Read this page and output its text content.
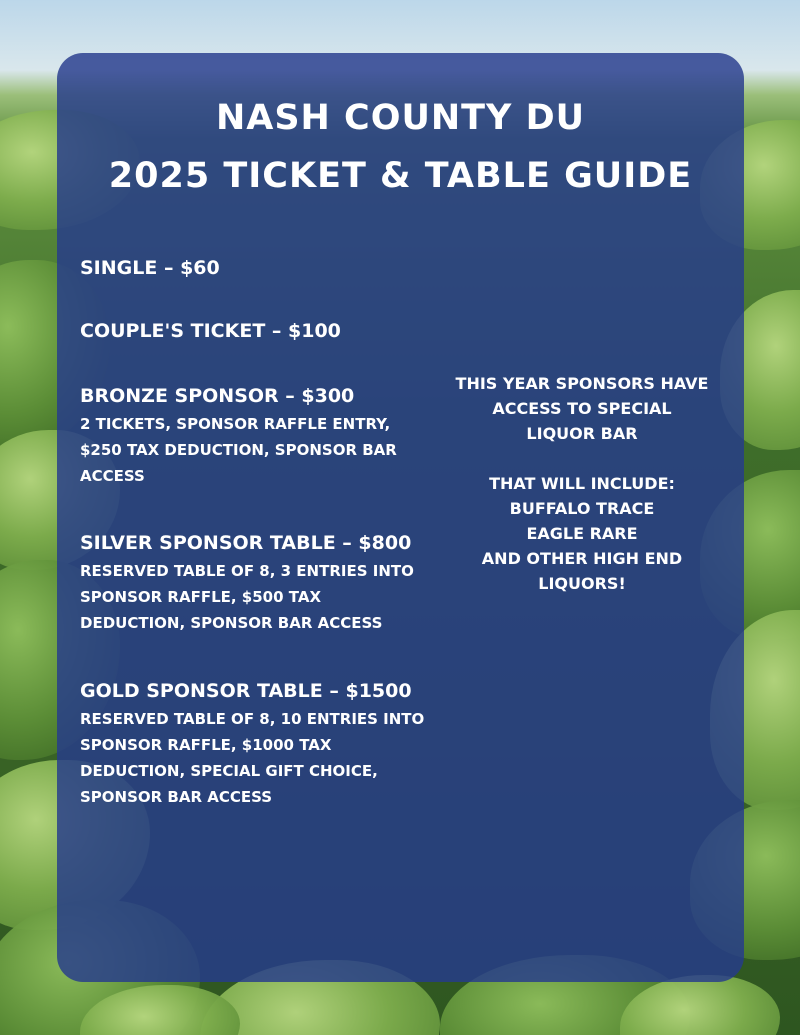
NASH COUNTY DU
2025 TICKET & TABLE GUIDE
SINGLE – $60
COUPLE'S TICKET – $100
BRONZE SPONSOR – $300
2 TICKETS, SPONSOR RAFFLE ENTRY, $250 TAX DEDUCTION, SPONSOR BAR ACCESS
SILVER SPONSOR TABLE – $800
RESERVED TABLE OF 8, 3 ENTRIES INTO SPONSOR RAFFLE, $500 TAX DEDUCTION, SPONSOR BAR ACCESS
GOLD SPONSOR TABLE – $1500
RESERVED TABLE OF 8, 10 ENTRIES INTO SPONSOR RAFFLE, $1000 TAX DEDUCTION, SPECIAL GIFT CHOICE, SPONSOR BAR ACCESS
THIS YEAR SPONSORS HAVE
ACCESS TO SPECIAL
LIQUOR BAR
THAT WILL INCLUDE:
BUFFALO TRACE
EAGLE RARE
AND OTHER HIGH END
LIQUORS!
